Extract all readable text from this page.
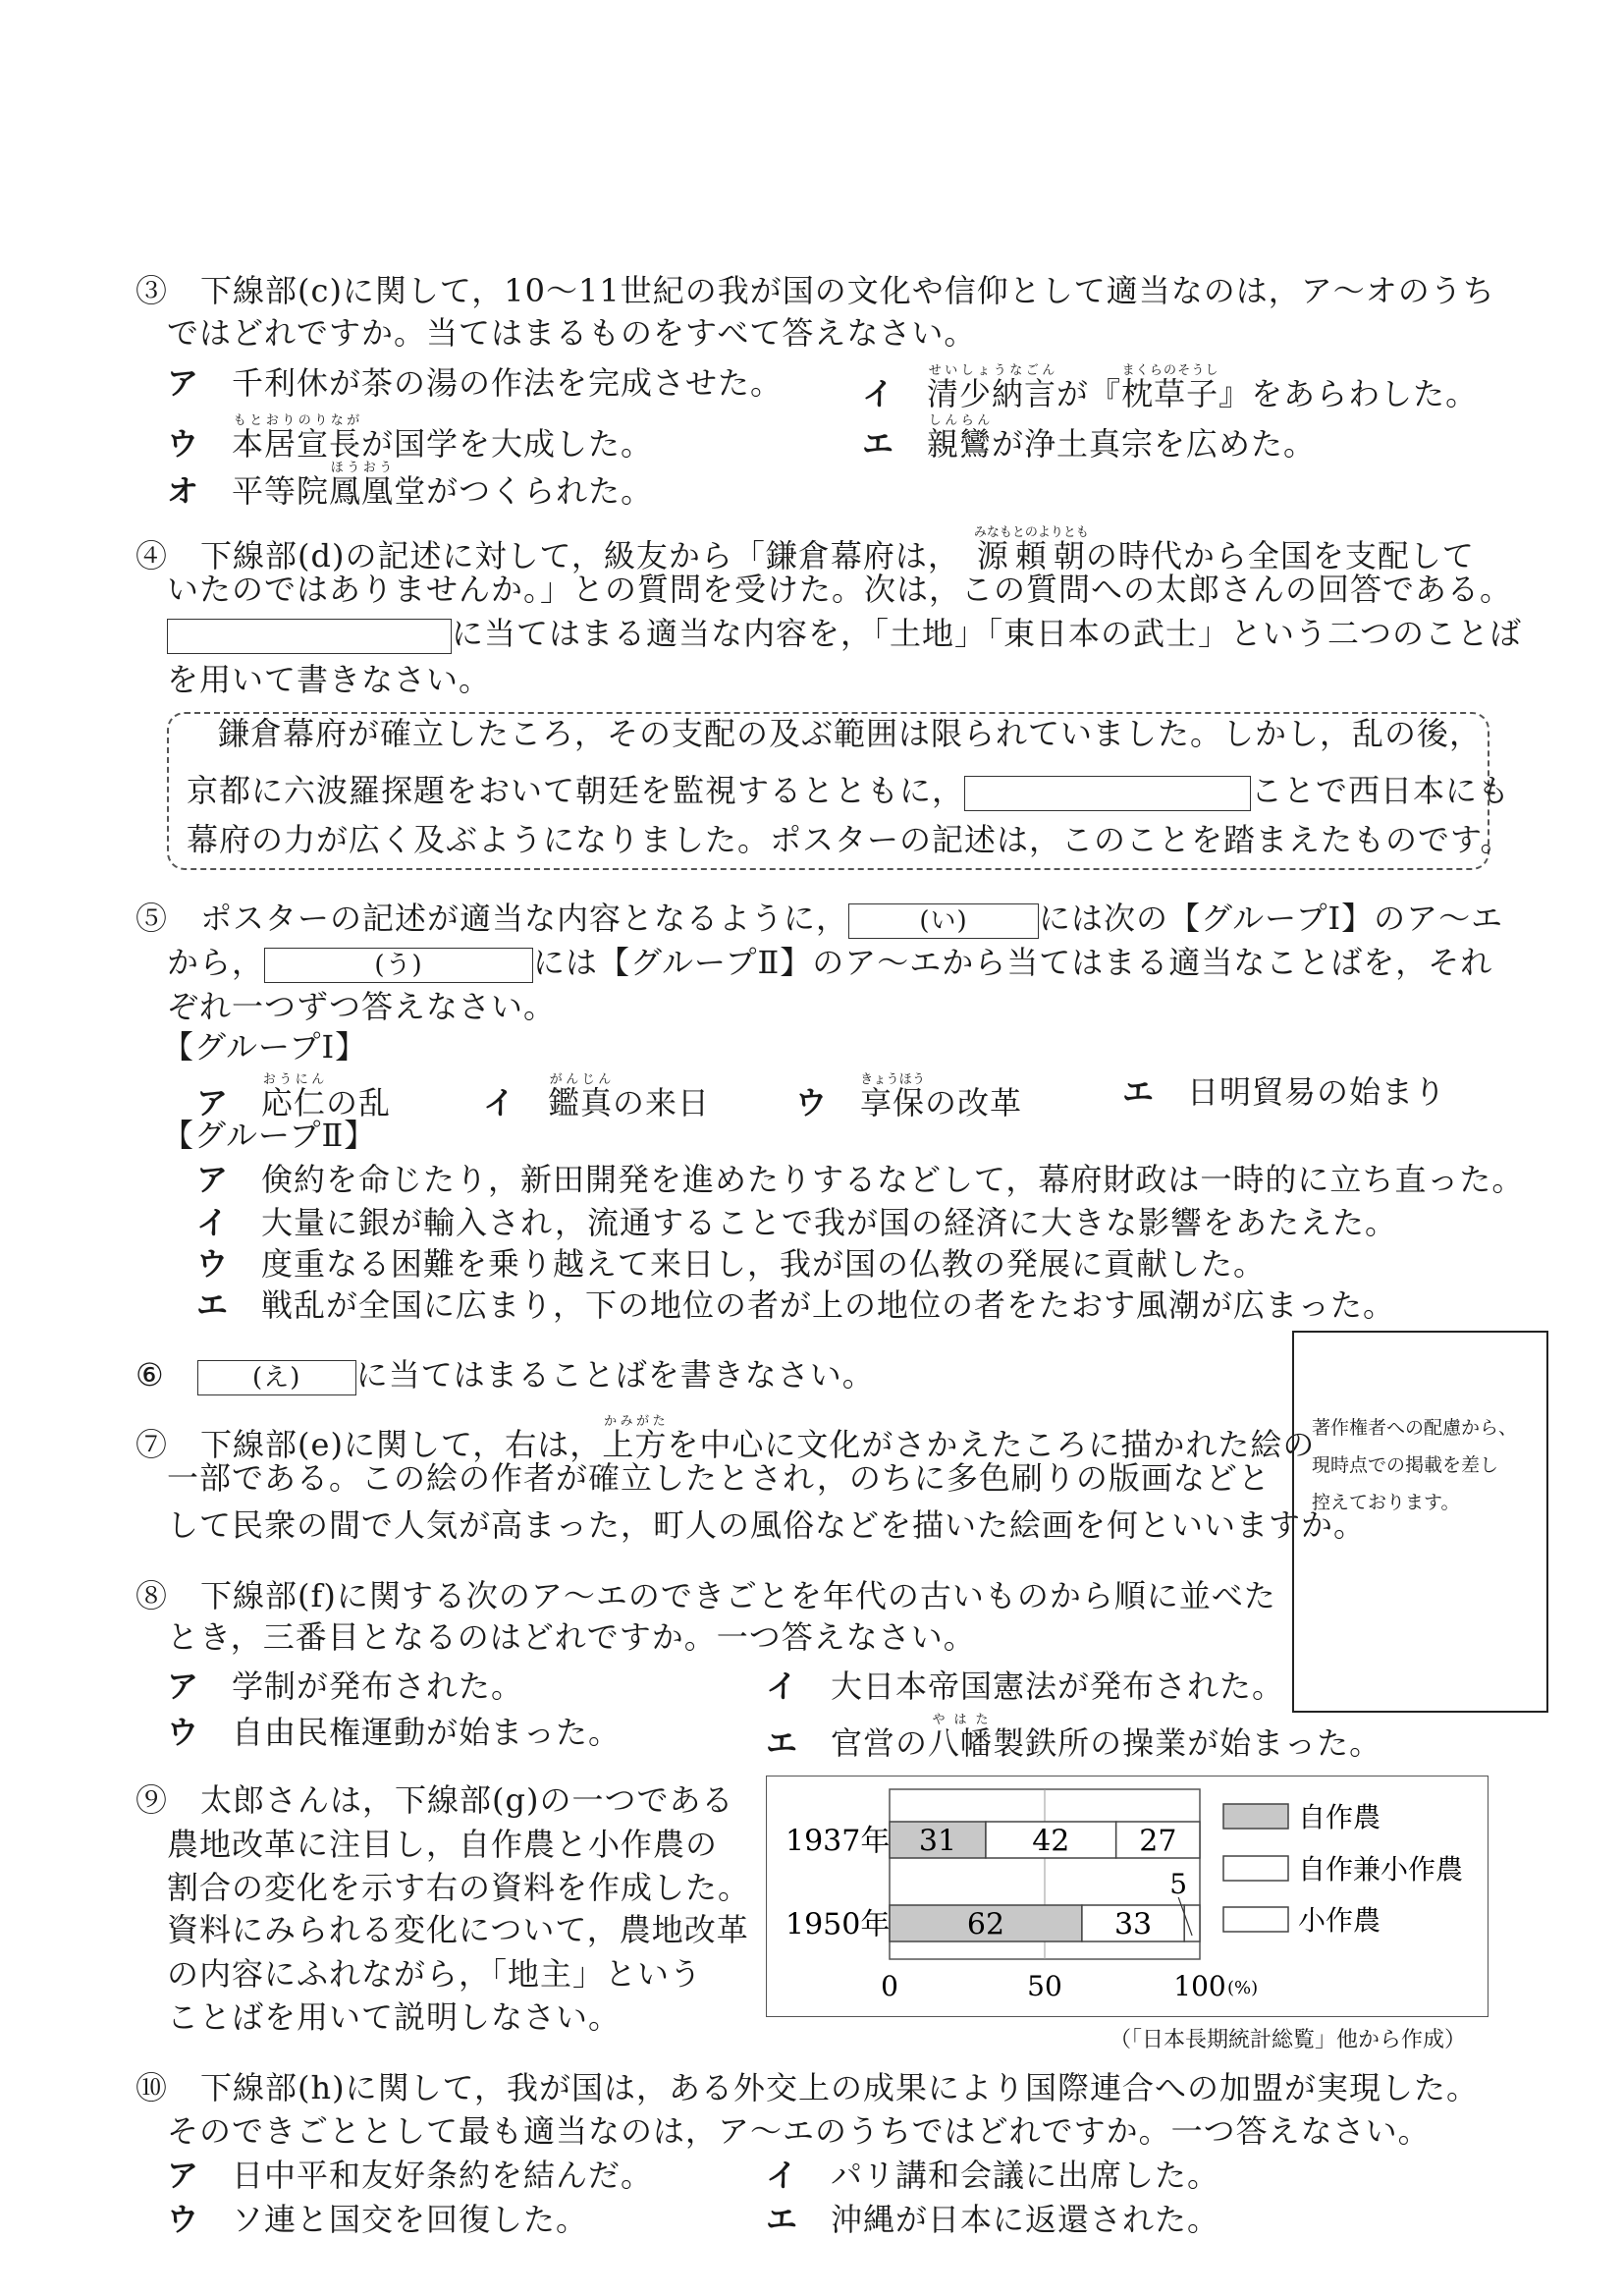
③　 下線部(c)に関して，10～11世紀の我が国の文化や信仰として適当なのは，ア～オのうち
ではどれですか。当てはまるものをすべて答えなさい。
ア　 千利休が茶の湯の作法を完成させた。	イ　 清少納言せいしょうなごんが『枕草子まくらのそうし』をあらわした。
ウ　 本居宣長もとおりのりながが国学を大成した。	エ　 親鸞しんらんが浄土真宗を広めた。
オ　 平等院鳳凰ほうおう堂がつくられた。
④　 下線部(d)の記述に対して，級友から「鎌倉幕府は，　 源頼朝みなもとのよりともの時代から全国を支配して
いたのではありませんか。」との質問を受けた。次は，この質問への太郎さんの回答である。
に当てはまる適当な内容を，「土地」「東日本の武士」という二つのことば
を用いて書きなさい。
鎌倉幕府が確立したころ，その支配の及ぶ範囲は限られていました。しかし，乱の後，
京都に六波羅探題をおいて朝廷を監視するとともに，	ことで西日本にも
幕府の力が広く及ぶようになりました。ポスターの記述は，このことを踏まえたものです。
⑤　 ポスターの記述が適当な内容となるように，	(い) には次の【グループⅠ】のア～エ
から，	(う)	には【グループⅡ】のア～エから当てはまる適当なことばを，それ
ぞれ一つずつ答えなさい。
【グループⅠ】
ア　 応仁おうにんの乱	イ　 鑑真がんじんの来日	ウ　 享保きょうほうの改革	エ　 日明貿易の始まり
【グループⅡ】
ア　 倹約を命じたり，新田開発を進めたりするなどして，幕府財政は一時的に立ち直った。
イ　 大量に銀が輸入され，流通することで我が国の経済に大きな影響をあたえた。
ウ　 度重なる困難を乗り越えて来日し，我が国の仏教の発展に貢献した。
エ　 戦乱が全国に広まり，下の地位の者が上の地位の者をたおす風潮が広まった。
⑥　	(え) に当てはまることばを書きなさい。
⑦　 下線部(e)に関して，右は，上方かみがたを中心に文化がさかえたころに描かれた絵の
一部である。この絵の作者が確立したとされ，のちに多色刷りの版画などと
して民衆の間で人気が高まった，町人の風俗などを描いた絵画を何といいますか。

著作権者への配慮から、

現時点での掲載を差し

控えております。

⑧　 下線部(f)に関する次のア～エのできごとを年代の古いものから順に並べた
とき，三番目となるのはどれですか。一つ答えなさい。
ア　 学制が発布された。	イ　 大日本帝国憲法が発布された。
ウ　 自由民権運動が始まった。	エ　 官営の八幡やはた製鉄所の操業が始まった。
⑨　 太郎さんは，下線部(g)の一つである
農地改革に注目し，自作農と小作農の
割合の変化を示す右の資料を作成した。
資料にみられる変化について，農地改革
の内容にふれながら，「地主」という
ことばを用いて説明しなさい。
1937年 31	42 27
1950年	62	33
5
0	50	100 (%)
自作農
自作兼小作農
小作農
（「日本長期統計総覧」他から作成）
⑩　 下線部(h)に関して，我が国は，ある外交上の成果により国際連合への加盟が実現した。
そのできごととして最も適当なのは，ア～エのうちではどれですか。一つ答えなさい。
ア　 日中平和友好条約を結んだ。	イ　 パリ講和会議に出席した。
ウ　 ソ連と国交を回復した。	エ　 沖縄が日本に返還された。
